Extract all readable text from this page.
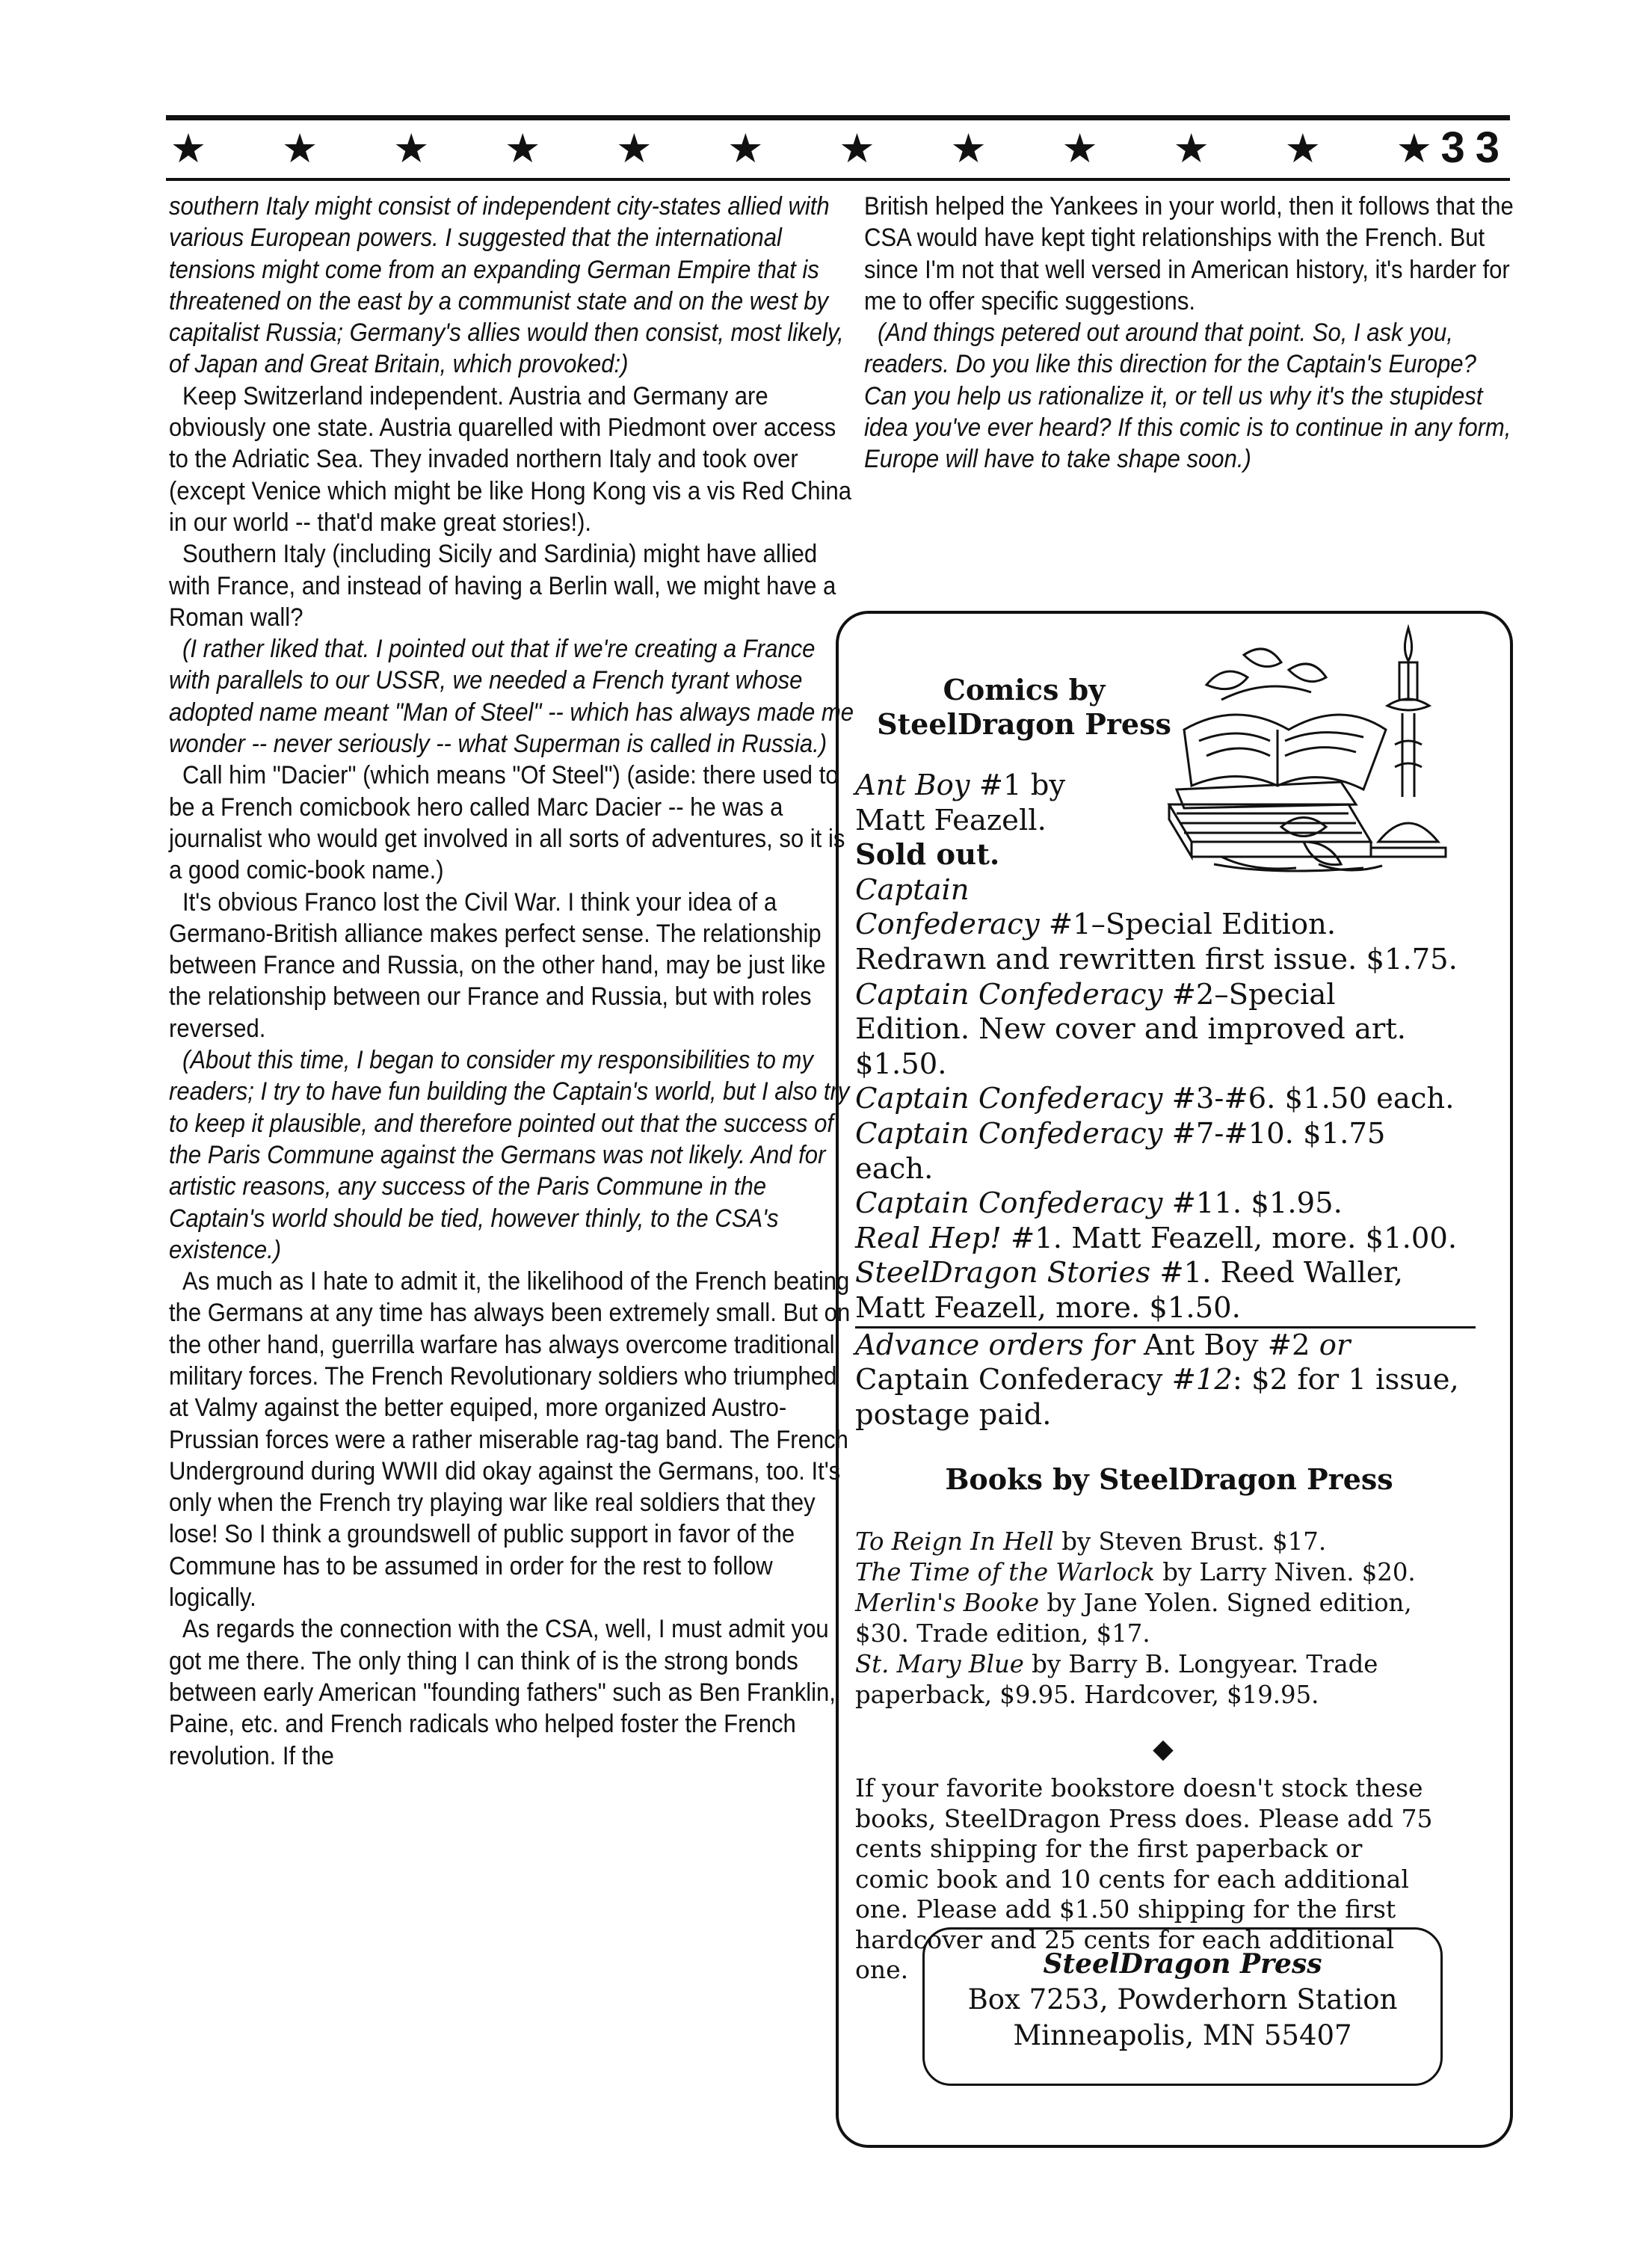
★ ★ ★ ★ ★ ★ ★ ★ ★ ★ ★ ★ 33

southern Italy might consist of independent city-states allied with various European powers. I suggested that the international tensions might come from an expanding German Empire that is threatened on the east by a communist state and on the west by capitalist Russia; Germany's allies would then consist, most likely, of Japan and Great Britain, which provoked:)

Keep Switzerland independent. Austria and Germany are obviously one state. Austria quarelled with Piedmont over access to the Adriatic Sea. They invaded northern Italy and took over (except Venice which might be like Hong Kong vis a vis Red China in our world -- that'd make great stories!).

Southern Italy (including Sicily and Sardinia) might have allied with France, and instead of having a Berlin wall, we might have a Roman wall?

(I rather liked that. I pointed out that if we're creating a France with parallels to our USSR, we needed a French tyrant whose adopted name meant "Man of Steel" -- which has always made me wonder -- never seriously -- what Superman is called in Russia.)

Call him "Dacier" (which means "Of Steel") (aside: there used to be a French comicbook hero called Marc Dacier -- he was a journalist who would get involved in all sorts of adventures, so it is a good comic-book name.)

It's obvious Franco lost the Civil War. I think your idea of a Germano-British alliance makes perfect sense. The relationship between France and Russia, on the other hand, may be just like the relationship between our France and Russia, but with roles reversed.

(About this time, I began to consider my responsibilities to my readers; I try to have fun building the Captain's world, but I also try to keep it plausible, and therefore pointed out that the success of the Paris Commune against the Germans was not likely. And for artistic reasons, any success of the Paris Commune in the Captain's world should be tied, however thinly, to the CSA's existence.)

As much as I hate to admit it, the likelihood of the French beating the Germans at any time has always been extremely small. But on the other hand, guerrilla warfare has always overcome traditional military forces. The French Revolutionary soldiers who triumphed at Valmy against the better equiped, more organized Austro-Prussian forces were a rather miserable rag-tag band. The French Underground during WWII did okay against the Germans, too. It's only when the French try playing war like real soldiers that they lose! So I think a groundswell of public support in favor of the Commune has to be assumed in order for the rest to follow logically.

As regards the connection with the CSA, well, I must admit you got me there. The only thing I can think of is the strong bonds between early American "founding fathers" such as Ben Franklin, Paine, etc. and French radicals who helped foster the French revolution. If the

British helped the Yankees in your world, then it follows that the CSA would have kept tight relationships with the French. But since I'm not that well versed in American history, it's harder for me to offer specific suggestions.

(And things petered out around that point. So, I ask you, readers. Do you like this direction for the Captain's Europe? Can you help us rationalize it, or tell us why it's the stupidest idea you've ever heard? If this comic is to continue in any form, Europe will have to take shape soon.)

Comics by
SteelDragon Press
Ant Boy #1 by
Matt Feazell.
Sold out.
Captain
Confederacy #1–Special Edition.
Redrawn and rewritten first issue. $1.75.
Captain Confederacy #2–Special
Edition. New cover and improved art.
$1.50.
Captain Confederacy #3-#6. $1.50 each.
Captain Confederacy #7-#10. $1.75
each.
Captain Confederacy #11. $1.95.
Real Hep! #1. Matt Feazell, more. $1.00.
SteelDragon Stories #1. Reed Waller,
Matt Feazell, more. $1.50.
Advance orders for Ant Boy #2 or
Captain Confederacy #12: $2 for 1 issue,
postage paid.
Books by SteelDragon Press
To Reign In Hell by Steven Brust. $17.
The Time of the Warlock by Larry Niven. $20.
Merlin's Booke by Jane Yolen. Signed edition,
$30. Trade edition, $17.
St. Mary Blue by Barry B. Longyear. Trade
paperback, $9.95. Hardcover, $19.95.
◆
If your favorite bookstore doesn't stock these
books, SteelDragon Press does. Please add 75
cents shipping for the first paperback or
comic book and 10 cents for each additional
one. Please add $1.50 shipping for the first
hardcover and 25 cents for each additional
one.	SteelDragon Press
Box 7253, Powderhorn Station
Minneapolis, MN 55407
